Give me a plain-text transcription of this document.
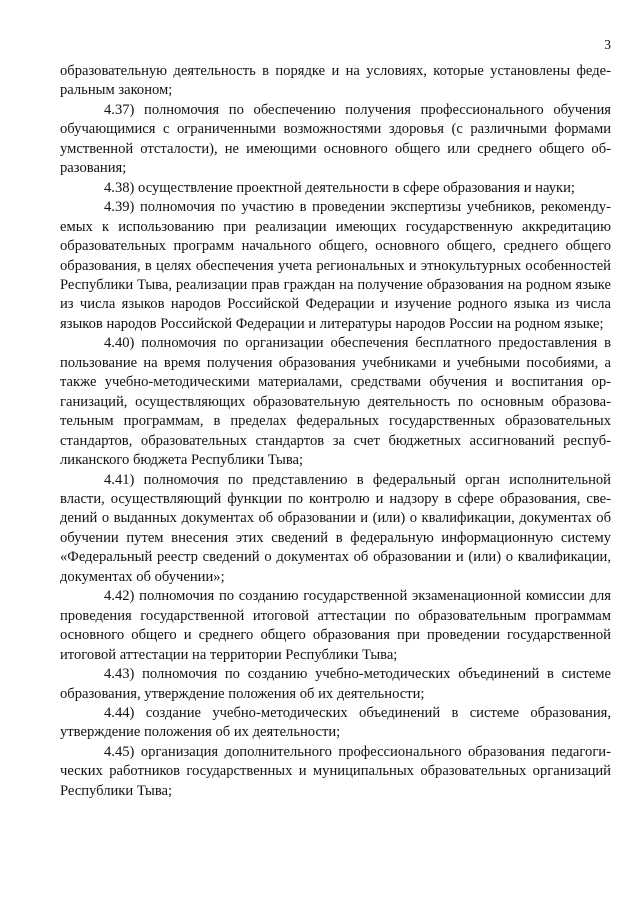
3

образовательную деятельность в порядке и на условиях, которые установлены федеральным законом;

4.37) полномочия по обеспечению получения профессионального обучения обучающимися с ограниченными возможностями здоровья (с различными формами умственной отсталости), не имеющими основного общего или среднего общего образования;

4.38) осуществление проектной деятельности в сфере образования и науки;

4.39) полномочия по участию в проведении экспертизы учебников, рекомендуемых к использованию при реализации имеющих государственную аккредитацию образовательных программ начального общего, основного общего, среднего общего образования, в целях обеспечения учета региональных и этнокультурных особенностей Республики Тыва, реализации прав граждан на получение образования на родном языке из числа языков народов Российской Федерации и изучение родного языка из числа языков народов Российской Федерации и литературы народов России на родном языке;

4.40) полномочия по организации обеспечения бесплатного предоставления в пользование на время получения образования учебниками и учебными пособиями, а также учебно-методическими материалами, средствами обучения и воспитания организаций, осуществляющих образовательную деятельность по основным образовательным программам, в пределах федеральных государственных образовательных стандартов, образовательных стандартов за счет бюджетных ассигнований республиканского бюджета Республики Тыва;

4.41) полномочия по представлению в федеральный орган исполнительной власти, осуществляющий функции по контролю и надзору в сфере образования, сведений о выданных документах об образовании и (или) о квалификации, документах об обучении путем внесения этих сведений в федеральную информационную систему «Федеральный реестр сведений о документах об образовании и (или) о квалификации, документах об обучении»;

4.42) полномочия по созданию государственной экзаменационной комиссии для проведения государственной итоговой аттестации по образовательным программам основного общего и среднего общего образования при проведении государственной итоговой аттестации на территории Республики Тыва;

4.43) полномочия по созданию учебно-методических объединений в системе образования, утверждение положения об их деятельности;

4.44) создание учебно-методических объединений в системе образования, утверждение положения об их деятельности;

4.45) организация дополнительного профессионального образования педагогических работников государственных и муниципальных образовательных организаций Республики Тыва;
